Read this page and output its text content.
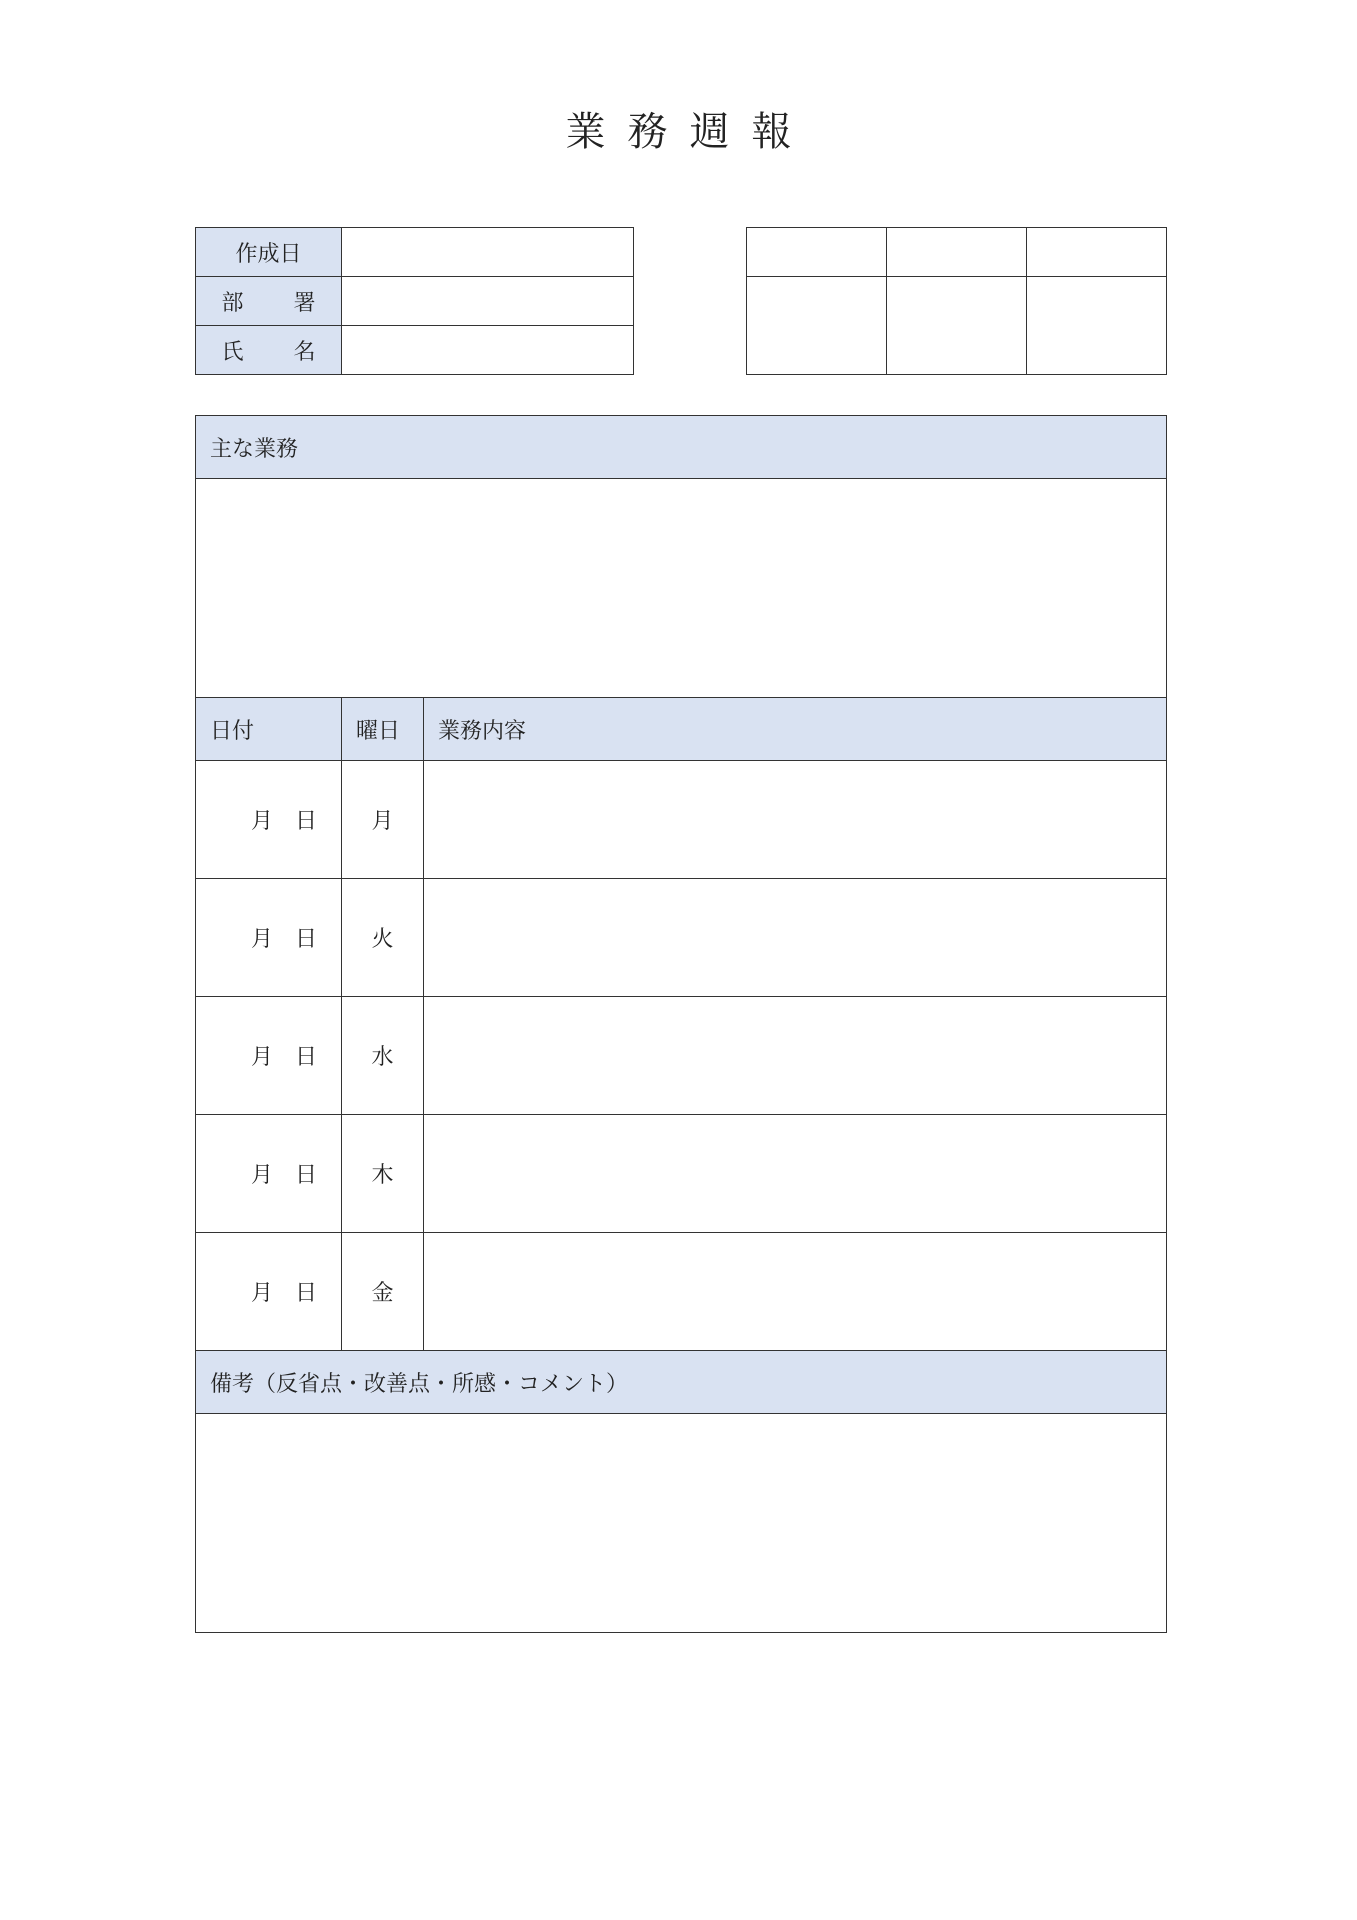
業務週報
作成日	
部　署	
氏　名	

主な業務		

日付	曜日	業務内容
月　日	月	
月　日	火	
月　日	水	
月　日	木	
月　日	金	
備考（反省点・改善点・所感・コメント）		
